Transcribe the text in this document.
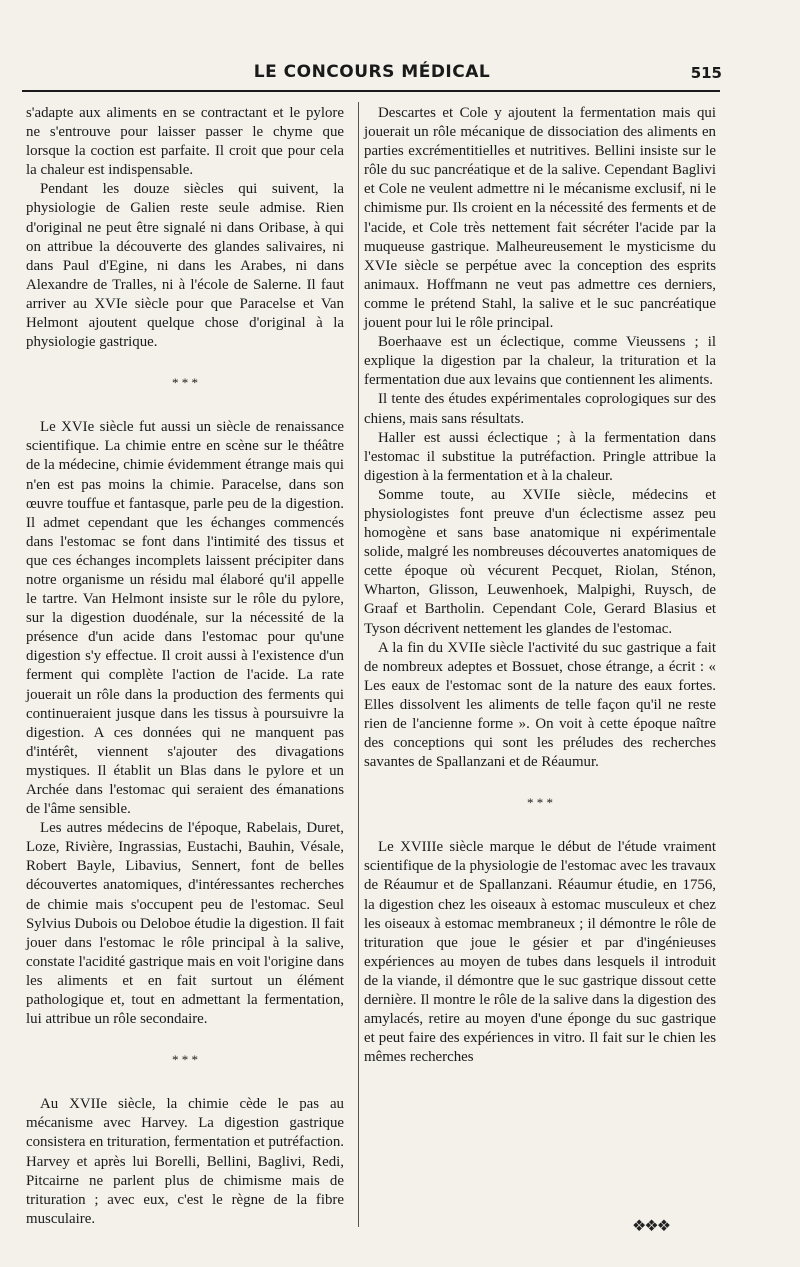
LE CONCOURS MÉDICAL	515

s'adapte aux aliments en se contractant et le pylore ne s'entrouve pour laisser passer le chyme que lorsque la coction est parfaite. Il croit que pour cela la chaleur est indispensable.

Pendant les douze siècles qui suivent, la physiologie de Galien reste seule admise. Rien d'original ne peut être signalé ni dans Oribase, à qui on attribue la découverte des glandes salivaires, ni dans Paul d'Egine, ni dans les Arabes, ni dans Alexandre de Tralles, ni à l'école de Salerne. Il faut arriver au XVIe siècle pour que Paracelse et Van Helmont ajoutent quelque chose d'original à la physiologie gastrique.

* * *

Le XVIe siècle fut aussi un siècle de renaissance scientifique. La chimie entre en scène sur le théâtre de la médecine, chimie évidemment étrange mais qui n'en est pas moins la chimie. Paracelse, dans son œuvre touffue et fantasque, parle peu de la digestion. Il admet cependant que les échanges commencés dans l'estomac se font dans l'intimité des tissus et que ces échanges incomplets laissent précipiter dans notre organisme un résidu mal élaboré qu'il appelle le tartre. Van Helmont insiste sur le rôle du pylore, sur la digestion duodénale, sur la nécessité de la présence d'un acide dans l'estomac pour qu'une digestion s'y effectue. Il croit aussi à l'existence d'un ferment qui complète l'action de l'acide. La rate jouerait un rôle dans la production des ferments qui continueraient jusque dans les tissus à poursuivre la digestion. A ces données qui ne manquent pas d'intérêt, viennent s'ajouter des divagations mystiques. Il établit un Blas dans le pylore et un Archée dans l'estomac qui seraient des émanations de l'âme sensible.

Les autres médecins de l'époque, Rabelais, Duret, Loze, Rivière, Ingrassias, Eustachi, Bauhin, Vésale, Robert Bayle, Libavius, Sennert, font de belles découvertes anatomiques, d'intéressantes recherches de chimie mais s'occupent peu de l'estomac. Seul Sylvius Dubois ou Deloboe étudie la digestion. Il fait jouer dans l'estomac le rôle principal à la salive, constate l'acidité gastrique mais en voit l'origine dans les aliments et en fait surtout un élément pathologique et, tout en admettant la fermentation, lui attribue un rôle secondaire.

* * *

Au XVIIe siècle, la chimie cède le pas au mécanisme avec Harvey. La digestion gastrique consistera en trituration, fermentation et putréfaction. Harvey et après lui Borelli, Bellini, Baglivi, Redi, Pitcairne ne parlent plus de chimisme mais de trituration ; avec eux, c'est le règne de la fibre musculaire.

Descartes et Cole y ajoutent la fermentation mais qui jouerait un rôle mécanique de dissociation des aliments en parties excrémentitielles et nutritives. Bellini insiste sur le rôle du suc pancréatique et de la salive. Cependant Baglivi et Cole ne veulent admettre ni le mécanisme exclusif, ni le chimisme pur. Ils croient en la nécessité des ferments et de l'acide, et Cole très nettement fait sécréter l'acide par la muqueuse gastrique. Malheureusement le mysticisme du XVIe siècle se perpétue avec la conception des esprits animaux. Hoffmann ne veut pas admettre ces derniers, comme le prétend Stahl, la salive et le suc pancréatique jouent pour lui le rôle principal.

Boerhaave est un éclectique, comme Vieussens ; il explique la digestion par la chaleur, la trituration et la fermentation due aux levains que contiennent les aliments.

Il tente des études expérimentales coprologiques sur des chiens, mais sans résultats.

Haller est aussi éclectique ; à la fermentation dans l'estomac il substitue la putréfaction. Pringle attribue la digestion à la fermentation et à la chaleur.

Somme toute, au XVIIe siècle, médecins et physiologistes font preuve d'un éclectisme assez peu homogène et sans base anatomique ni expérimentale solide, malgré les nombreuses découvertes anatomiques de cette époque où vécurent Pecquet, Riolan, Sténon, Wharton, Glisson, Leuwenhoek, Malpighi, Ruysch, de Graaf et Bartholin. Cependant Cole, Gerard Blasius et Tyson décrivent nettement les glandes de l'estomac.

A la fin du XVIIe siècle l'activité du suc gastrique a fait de nombreux adeptes et Bossuet, chose étrange, a écrit : « Les eaux de l'estomac sont de la nature des eaux fortes. Elles dissolvent les aliments de telle façon qu'il ne reste rien de l'ancienne forme ». On voit à cette époque naître des conceptions qui sont les préludes des recherches savantes de Spallanzani et de Réaumur.

* * *

Le XVIIIe siècle marque le début de l'étude vraiment scientifique de la physiologie de l'estomac avec les travaux de Réaumur et de Spallanzani. Réaumur étudie, en 1756, la digestion chez les oiseaux à estomac musculeux et chez les oiseaux à estomac membraneux ; il démontre le rôle de trituration que joue le gésier et par d'ingénieuses expériences au moyen de tubes dans lesquels il introduit de la viande, il démontre que le suc gastrique dissout cette dernière. Il montre le rôle de la salive dans la digestion des amylacés, retire au moyen d'une éponge du suc gastrique et peut faire des expériences in vitro. Il fait sur le chien les mêmes recherches

❖❖❖
